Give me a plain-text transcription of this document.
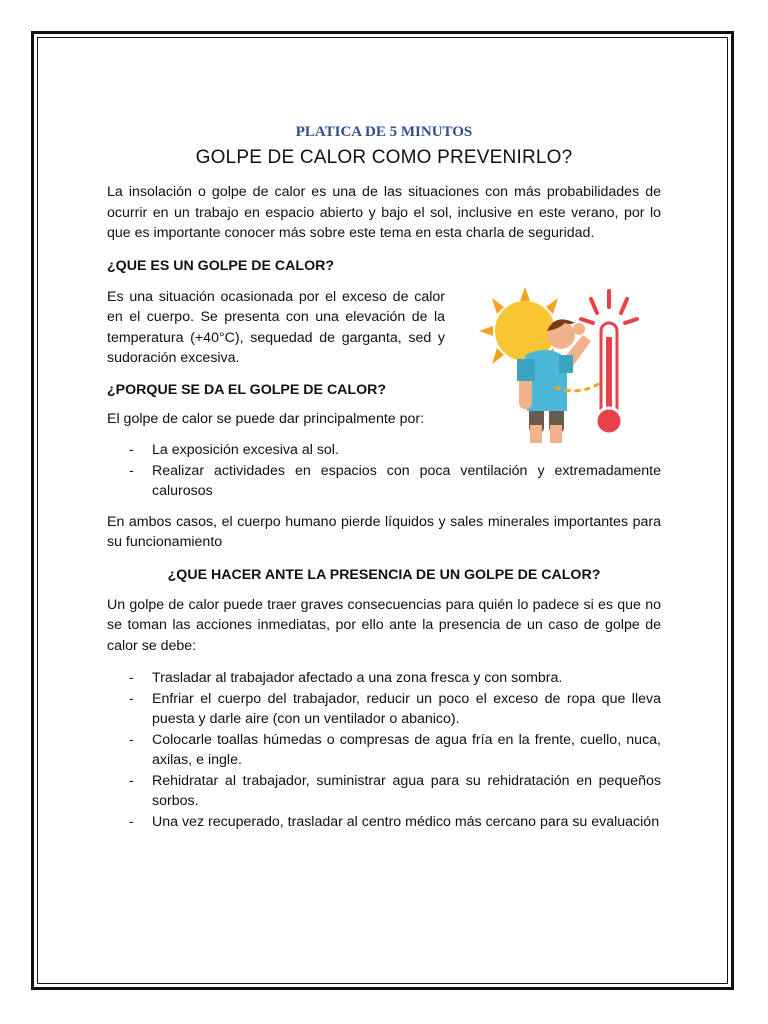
PLATICA DE 5 MINUTOS
GOLPE DE CALOR COMO PREVENIRLO?

La insolación o golpe de calor es una de las situaciones con más probabilidades de ocurrir en un trabajo en espacio abierto y bajo el sol, inclusive en este verano, por lo que es importante conocer más sobre este tema en esta charla de seguridad.

¿QUE ES UN GOLPE DE CALOR?

Es una situación ocasionada por el exceso de calor en el cuerpo. Se presenta con una elevación de la temperatura (+40°C), sequedad de garganta, sed y sudoración excesiva.

¿PORQUE SE DA EL GOLPE DE CALOR?

El golpe de calor se puede dar principalmente por:

- La exposición excesiva al sol.
- Realizar actividades en espacios con poca ventilación y extremadamente calurosos

En ambos casos, el cuerpo humano pierde líquidos y sales minerales importantes para su funcionamiento

¿QUE HACER ANTE LA PRESENCIA DE UN GOLPE DE CALOR?

Un golpe de calor puede traer graves consecuencias para quién lo padece si es que no se toman las acciones inmediatas, por ello ante la presencia de un caso de golpe de calor se debe:

- Trasladar al trabajador afectado a una zona fresca y con sombra.
- Enfriar el cuerpo del trabajador, reducir un poco el exceso de ropa que lleva puesta y darle aire (con un ventilador o abanico).
- Colocarle toallas húmedas o compresas de agua fría en la frente, cuello, nuca, axilas, e ingle.
- Rehidratar al trabajador, suministrar agua para su rehidratación en pequeños sorbos.
- Una vez recuperado, trasladar al centro médico más cercano para su evaluación
